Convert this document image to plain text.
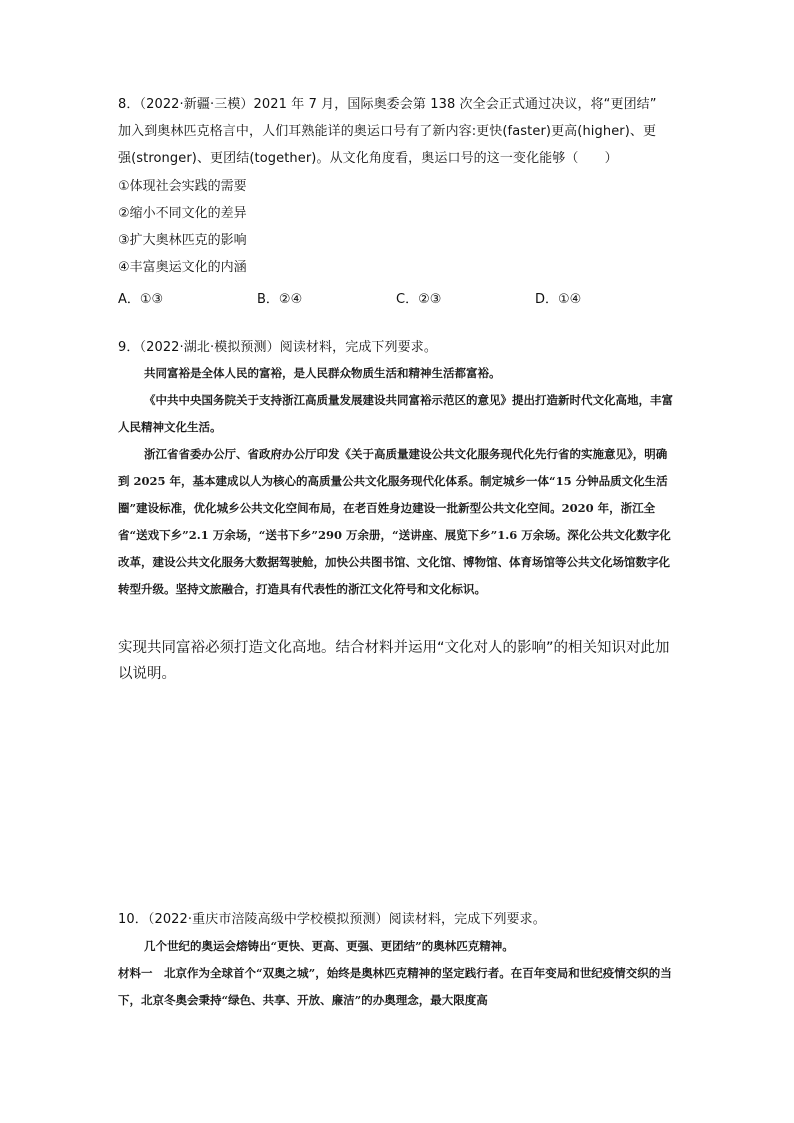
8．（2022·新疆·三模）2021 年 7 月，国际奥委会第 138 次全会正式通过决议，将“更团结”
加入到奥林匹克格言中，人们耳熟能详的奥运口号有了新内容:更快(faster)更高(higher)、更
强(stronger)、更团结(together)。从文化角度看，奥运口号的这一变化能够（　　）
①体现社会实践的需要
②缩小不同文化的差异
③扩大奥林匹克的影响
④丰富奥运文化的内涵
A．①③	B．②④	C．②③	D．①④
9．（2022·湖北·模拟预测）阅读材料，完成下列要求。
共同富裕是全体人民的富裕，是人民群众物质生活和精神生活都富裕。
《中共中央国务院关于支持浙江高质量发展建设共同富裕示范区的意见》提出打造新时代文化高地，丰富人民精神文化生活。
浙江省省委办公厅、省政府办公厅印发《关于高质量建设公共文化服务现代化先行省的实施意见》，明确到 2025 年，基本建成以人为核心的高质量公共文化服务现代化体系。制定城乡一体“15 分钟品质文化生活圈”建设标准，优化城乡公共文化空间布局，在老百姓身边建设一批新型公共文化空间。2020 年，浙江全省“送戏下乡”2.1 万余场，“送书下乡”290 万余册，“送讲座、展览下乡”1.6 万余场。深化公共文化数字化改革，建设公共文化服务大数据驾驶舱，加快公共图书馆、文化馆、博物馆、体育场馆等公共文化场馆数字化转型升级。坚持文旅融合，打造具有代表性的浙江文化符号和文化标识。
实现共同富裕必须打造文化高地。结合材料并运用“文化对人的影响”的相关知识对此加以说明。
10．（2022·重庆市涪陵高级中学校模拟预测）阅读材料，完成下列要求。
几个世纪的奥运会熔铸出“更快、更高、更强、更团结”的奥林匹克精神。
材料一　北京作为全球首个“双奥之城”，始终是奥林匹克精神的坚定践行者。在百年变局和世纪疫情交织的当下，北京冬奥会秉持“绿色、共享、开放、廉洁”的办奥理念，最大限度高
